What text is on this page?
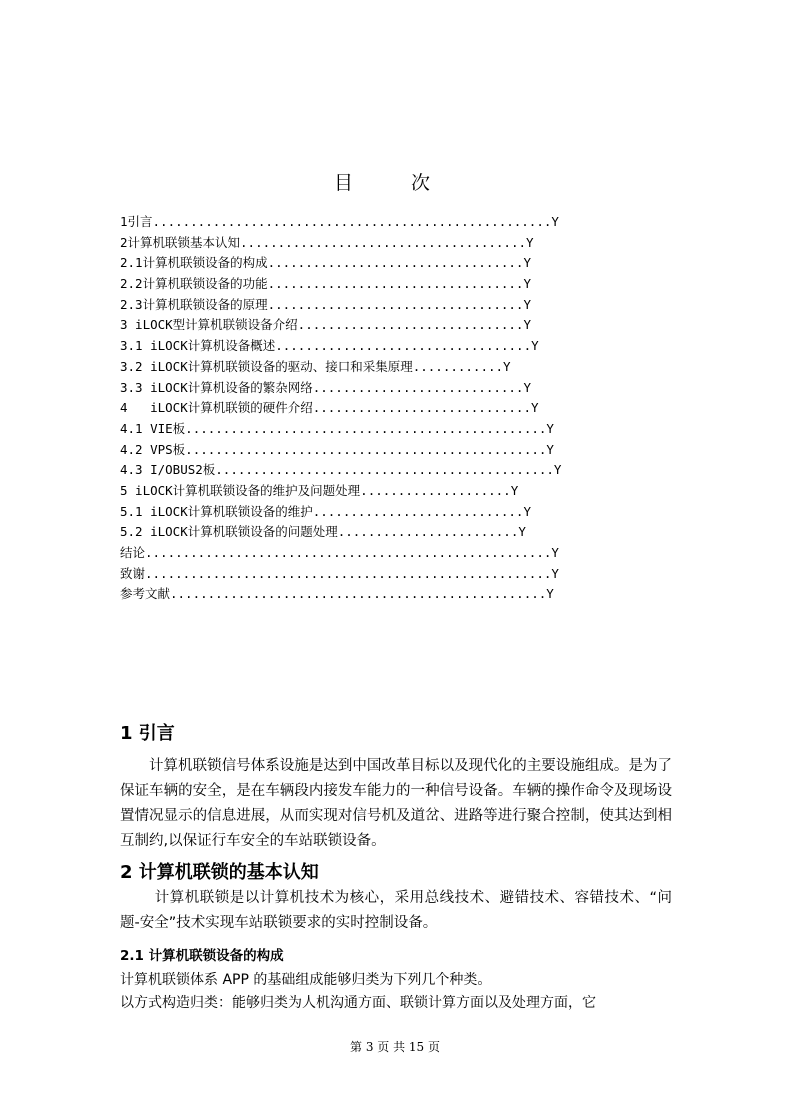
目 次
1引言.....................................................Y
2计算机联锁基本认知......................................Y
2.1计算机联锁设备的构成..................................Y
2.2计算机联锁设备的功能..................................Y
2.3计算机联锁设备的原理..................................Y
3 iLOCK型计算机联锁设备介绍..............................Y
3.1 iLOCK计算机设备概述..................................Y
3.2 iLOCK计算机联锁设备的驱动、接口和采集原理............Y
3.3 iLOCK计算机设备的繁杂网络............................Y
4   iLOCK计算机联锁的硬件介绍.............................Y
4.1 VIE板................................................Y
4.2 VPS板................................................Y
4.3 I/OBUS2板.............................................Y
5 iLOCK计算机联锁设备的维护及问题处理....................Y
5.1 iLOCK计算机联锁设备的维护............................Y
5.2 iLOCK计算机联锁设备的问题处理........................Y
结论......................................................Y
致谢......................................................Y
参考文献..................................................Y
1 引言

计算机联锁信号体系设施是达到中国改革目标以及现代化的主要设施组成。是为了保证车辆的安全，是在车辆段内接发车能力的一种信号设备。车辆的操作命令及现场设置情况显示的信息进展，从而实现对信号机及道岔、进路等进行聚合控制，使其达到相互制约,以保证行车安全的车站联锁设备。

2 计算机联锁的基本认知

计算机联锁是以计算机技术为核心，采用总线技术、避错技术、容错技术、“问题-安全”技术实现车站联锁要求的实时控制设备。

2.1 计算机联锁设备的构成

计算机联锁体系 APP 的基础组成能够归类为下列几个种类。

以方式构造归类：能够归类为人机沟通方面、联锁计算方面以及处理方面，它

第 3 页 共 15 页
